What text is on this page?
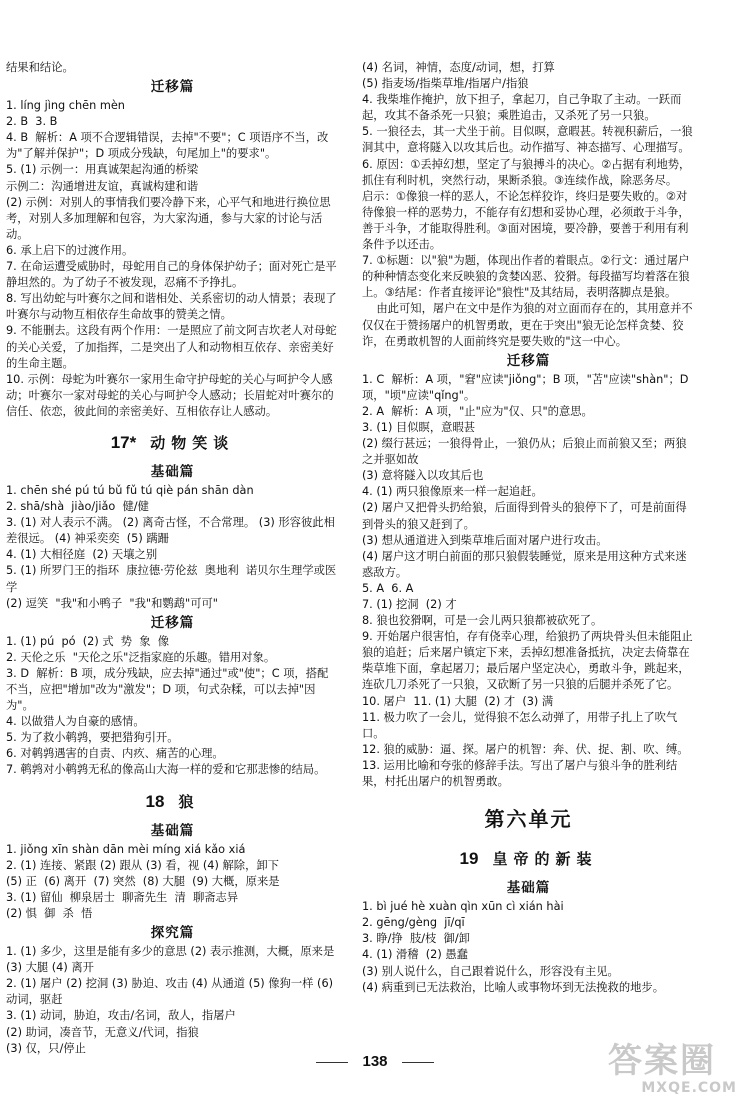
结果和结论。
迁移篇
1. líng jìng chēn mèn
2. B  3. B
4. B  解析：A 项不合逻辑错误，去掉"不要"；C 项语序不当，改为"了解并保护"；D 项成分残缺，句尾加上"的要求"。
5. (1) 示例一：用真诚架起沟通的桥梁
示例二：沟通增进友谊，真诚构建和谐
(2) 示例：对别人的事情我们要冷静下来，心平气和地进行换位思考，对别人多加理解和包容，为大家沟通，参与大家的讨论与活动。
6. 承上启下的过渡作用。
7. 在命运遭受威胁时，母蛇用自己的身体保护幼子；面对死亡是平静坦然的。为了幼子不被发现，忍痛不予挣扎。
8. 写出幼蛇与叶赛尔之间和谐相处、关系密切的动人情景；表现了叶赛尔与动物互相依存生命故事的赞美之情。
9. 不能删去。这段有两个作用：一是照应了前文阿吉坎老人对母蛇的关心关爱，了加指挥，二是突出了人和动物相互依存、亲密美好的生命主题。
10. 示例：母蛇为叶赛尔一家用生命守护母蛇的关心与呵护令人感动；叶赛尔一家对母蛇的关心与呵护令人感动；长眉蛇对叶赛尔的信任、依恋，彼此间的亲密美好、互相依存让人感动。
17* 动物笑谈
基础篇
1. chēn shé pú tú bǔ fǔ tú qiè pán shān dàn
2. shā/shà  jiào/jiǎo  健/健
3. (1) 对人表示不满。 (2) 离奇古怪，不合常理。 (3) 形容彼此相差很远。 (4) 神采奕奕  (5) 蹒跚
4. (1) 大相径庭  (2) 天壤之别
5. (1) 所罗门王的指环  康拉德·劳伦兹  奥地利  诺贝尔生理学或医学
(2) 逗笑  "我"和小鸭子  "我"和鹦鹉"可可"
迁移篇
1. (1) pú  pó  (2) 式  势  象  像
2. 天伦之乐  "天伦之乐"泛指家庭的乐趣。错用对象。
3. D  解析：B 项，成分残缺，应去掉"通过"或"使"；C 项，搭配不当，应把"增加"改为"激发"；D 项，句式杂糅，可以去掉"因为"。
4. 以做猎人为自豪的感情。
5. 为了救小鹌鹑，要把猎狗引开。
6. 对鹌鹑遇害的自责、内疚、痛苦的心理。
7. 鹌鹑对小鹌鹑无私的像高山大海一样的爱和它那悲惨的结局。
18 狼
基础篇
1. jiǒng xīn shàn dān mèi míng xiá kǎo xiá
2. (1) 连接、紧跟 (2) 跟从 (3) 看，视 (4) 解除，卸下
(5) 正  (6) 离开  (7) 突然  (8) 大腿  (9) 大概，原来是
3. (1) 留仙  柳泉居士  聊斋先生  清  聊斋志异
(2) 惧  御  杀  悟
探究篇
1. (1) 多少，这里是能有多少的意思 (2) 表示推测，大概，原来是 (3) 大腿 (4) 离开
2. (1) 屠户 (2) 挖洞 (3) 胁迫、攻击 (4) 从通道 (5) 像狗一样 (6) 动词，驱赶
3. (1) 动词，胁迫，攻击/名词，敌人，指屠户
(2) 助词，凑音节，无意义/代词，指狼
(3) 仅，只/停止
(4) 名词，神情，态度/动词，想，打算
(5) 指麦场/指柴草堆/指屠户/指狼
4. 我柴堆作掩护，放下担子，拿起刀，自己争取了主动。一跃而起，攻其不备杀死一只狼；乘胜追击，又杀死了另一只狼。
5. 一狼径去，其一犬坐于前。目似暝，意暇甚。转视积薪后，一狼洞其中，意将隧入以攻其后也。动作描写、神态描写、心理描写。
6. 原因：①丢掉幻想，坚定了与狼搏斗的决心。②占据有利地势，抓住有利时机，突然行动，果断杀狼。③连续作战，除恶务尽。
启示：①像狼一样的恶人，不论怎样狡诈，终归是要失败的。②对待像狼一样的恶势力，不能存有幻想和妥协心理，必须敢于斗争，善于斗争，才能取得胜利。③面对困境，要冷静，要善于利用有利条件予以还击。
7. ①标题：以"狼"为题，体现出作者的着眼点。②行文：通过屠户的种种情态变化来反映狼的贪婪凶恶、狡猾。每段描写均着落在狼上。③结尾：作者直接评论"狼性"及其结局，表明落脚点是狼。
由此可知，屠户在文中是作为狼的对立面而存在的，其用意并不仅仅在于赞扬屠户的机智勇敢，更在于突出"狼无论怎样贪婪、狡诈，在勇敢机智的人面前终究是要失败的"这一中心。
迁移篇
1. C  解析：A 项，"窘"应读"jiǒng"；B 项，"苫"应读"shàn"；D 项，"顷"应读"qǐng"。
2. A  解析：A 项，"止"应为"仅、只"的意思。
3. (1) 目似瞑，意暇甚
(2) 缀行甚远；一狼得骨止，一狼仍从；后狼止而前狼又至；两狼之并驱如故
(3) 意将隧入以攻其后也
4. (1) 两只狼像原来一样一起追赶。
(2) 屠户又把骨头扔给狼，后面得到骨头的狼停下了，可是前面得到骨头的狼又赶到了。
(3) 想从通道进入到柴草堆后面对屠户进行攻击。
(4) 屠户这才明白前面的那只狼假装睡觉，原来是用这种方式来迷惑敌方。
5. A  6. A
7. (1) 挖洞  (2) 才
8. 狼也狡猾啊，可是一会儿两只狼都被砍死了。
9. 开始屠户很害怕，存有侥幸心理，给狼扔了两块骨头但未能阻止狼的追赶；后来屠户镇定下来，丢掉幻想准备抵抗，决定去倚靠在柴草堆下面，拿起屠刀；最后屠户坚定决心，勇敢斗争，跳起来，连砍几刀杀死了一只狼，又砍断了另一只狼的后腿并杀死了它。
10. 屠户  11. (1) 大腿  (2) 才  (3) 满
11. 极力吹了一会儿，觉得狼不怎么动弹了，用带子扎上了吹气口。
12. 狼的威胁：逼、探。屠户的机智：奔、伏、捉、割、吹、缚。
13. 运用比喻和夸张的修辞手法。写出了屠户与狼斗争的胜利结果，村托出屠户的机智勇敢。
第六单元
19 皇帝的新装
基础篇
1. bì jué hè xuàn qìn xūn cì xián hài
2. gēng/gèng  jī/qī
3. 睁/挣  肢/枝  御/卸
4. (1) 滑稽  (2) 愚蠢
(3) 别人说什么，自己跟着说什么，形容没有主见。
(4) 病重到已无法救治，比喻人或事物坏到无法挽救的地步。
138	答案圈
MXQE.COM
